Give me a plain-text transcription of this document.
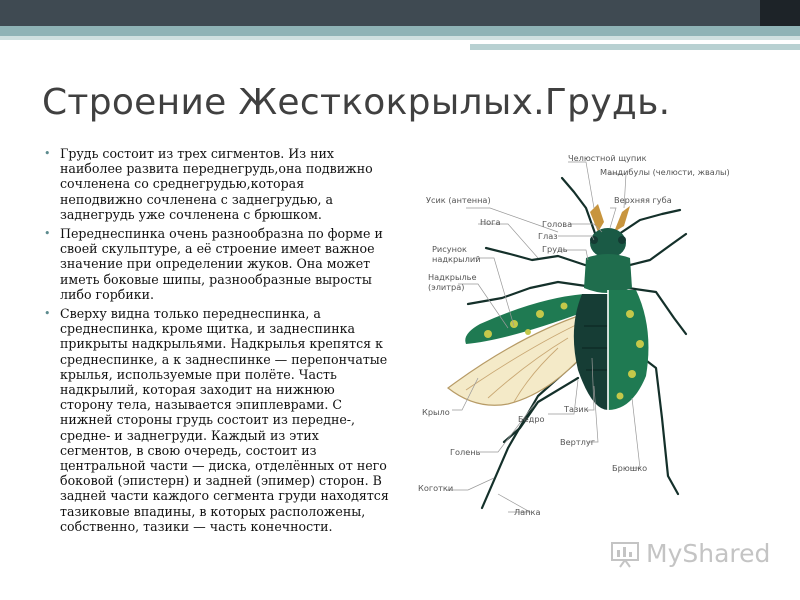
Строение Жесткокрылых.Грудь.
• Грудь состоит из трех сигментов. Из них наиболее развита переднегрудь,она подвижно сочленена со среднегрудью,которая неподвижно сочленена с заднегрудью, а заднегрудь уже сочленена с брюшком.
• Переднеспинка очень разнообразна по форме и своей скульптуре, а её строение имеет важное значение при определении жуков. Она может иметь боковые шипы, разнообразные выросты либо горбики.
• Сверху видна только переднеспинка, а среднеспинка, кроме щитка, и заднеспинка прикрыты надкрыльями. Надкрылья крепятся к среднеспинке, а к заднеспинке — перепончатые крылья, используемые при полёте. Часть надкрылий, которая заходит на нижнюю сторону тела, называется эпиплеврами. С нижней стороны грудь состоит из передне-, средне- и заднегруди. Каждый из этих сегментов, в свою очередь, состоит из центральной части — диска, отделённых от него боковой (эпистерн) и задней (эпимер) сторон. В задней части каждого сегмента груди находятся тазиковые впадины, в которых расположены, собственно, тазики — часть конечности.
Челюстной щупик
Мандибулы (челюсти, жвалы)
Усик (антенна)	Верхняя губа
Нога	Голова
Глаз
Грудь
Рисунок
надкрылий
Надкрылье
(элитра)
Крыло	Тазик
Бедро
Вертлуг
Голень
Брюшко
Коготки
Лапка
MyShared
